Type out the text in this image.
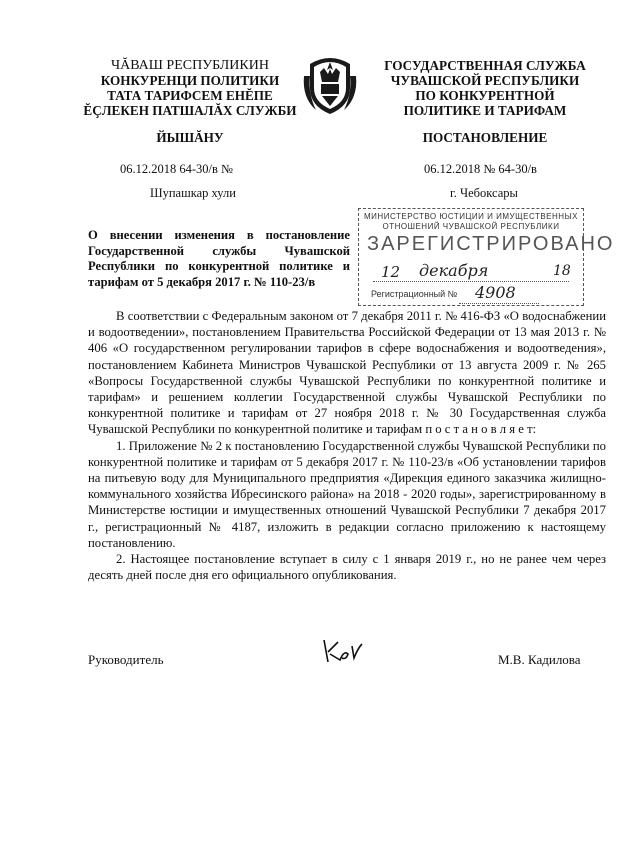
ЧĂВАШ РЕСПУБЛИКИН
КОНКУРЕНЦИ ПОЛИТИКИ
ТАТА ТАРИФСЕМ ЕНĔПЕ
ĔÇЛЕКЕН ПАТШАЛĂХ СЛУЖБИ
ГОСУДАРСТВЕННАЯ СЛУЖБА
ЧУВАШСКОЙ РЕСПУБЛИКИ
ПО КОНКУРЕНТНОЙ
ПОЛИТИКЕ И ТАРИФАМ
ЙЫШĂНУ	ПОСТАНОВЛЕНИЕ
06.12.2018 64-30/в №	06.12.2018 № 64-30/в
Шупашкар хули	г. Чебоксары
О внесении изменения в постановление Государственной службы Чувашской Республики по конкурентной политике и тарифам от 5 декабря 2017 г. № 110-23/в
МИНИСТЕРСТВО ЮСТИЦИИ И ИМУЩЕСТВЕННЫХ
ОТНОШЕНИЙ ЧУВАШСКОЙ РЕСПУБЛИКИ
ЗАРЕГИСТРИРОВАНО
12 декабря	18
Регистрационный № 4908

В соответствии с Федеральным законом от 7 декабря 2011 г. № 416-ФЗ «О водоснабжении и водоотведении», постановлением Правительства Российской Федерации от 13 мая 2013 г. № 406 «О государственном регулировании тарифов в сфере водоснабжения и водоотведения», постановлением Кабинета Министров Чувашской Республики от 13 августа 2009 г. № 265 «Вопросы Государственной службы Чувашской Республики по конкурентной политике и тарифам» и решением коллегии Государственной службы Чувашской Республики по конкурентной политике и тарифам от 27 ноября 2018 г. № 30 Государственная служба Чувашской Республики по конкурентной политике и тарифам п о с т а н о в л я е т:

1. Приложение № 2 к постановлению Государственной службы Чувашской Республики по конкурентной политике и тарифам от 5 декабря 2017 г. № 110-23/в «Об установлении тарифов на питьевую воду для Муниципального предприятия «Дирекция единого заказчика жилищно-коммунального хозяйства Ибресинского района» на 2018 - 2020 годы», зарегистрированному в Министерстве юстиции и имущественных отношений Чувашской Республики 7 декабря 2017 г., регистрационный № 4187, изложить в редакции согласно приложению к настоящему постановлению.

2. Настоящее постановление вступает в силу с 1 января 2019 г., но не ранее чем через десять дней после дня его официального опубликования.

Руководитель	М.В. Кадилова
